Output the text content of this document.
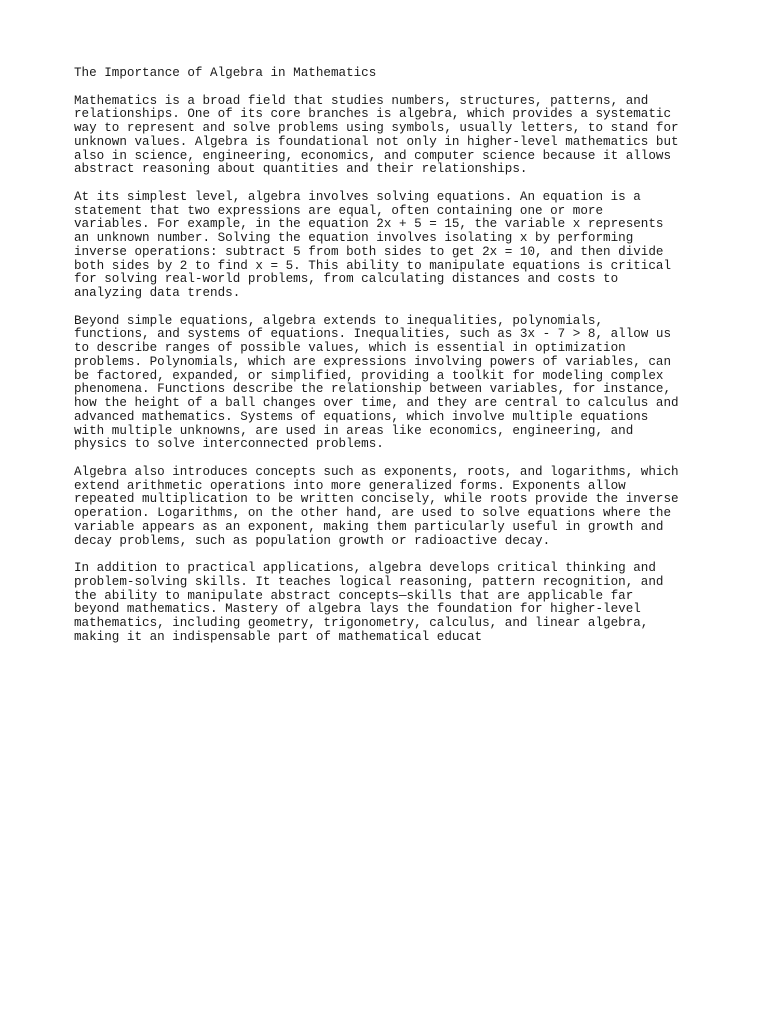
The Importance of Algebra in Mathematics
Mathematics is a broad field that studies numbers, structures, patterns, and
relationships. One of its core branches is algebra, which provides a systematic
way to represent and solve problems using symbols, usually letters, to stand for
unknown values. Algebra is foundational not only in higher-level mathematics but
also in science, engineering, economics, and computer science because it allows
abstract reasoning about quantities and their relationships.
At its simplest level, algebra involves solving equations. An equation is a
statement that two expressions are equal, often containing one or more
variables. For example, in the equation 2x + 5 = 15, the variable x represents
an unknown number. Solving the equation involves isolating x by performing
inverse operations: subtract 5 from both sides to get 2x = 10, and then divide
both sides by 2 to find x = 5. This ability to manipulate equations is critical
for solving real-world problems, from calculating distances and costs to
analyzing data trends.
Beyond simple equations, algebra extends to inequalities, polynomials,
functions, and systems of equations. Inequalities, such as 3x - 7 > 8, allow us
to describe ranges of possible values, which is essential in optimization
problems. Polynomials, which are expressions involving powers of variables, can
be factored, expanded, or simplified, providing a toolkit for modeling complex
phenomena. Functions describe the relationship between variables, for instance,
how the height of a ball changes over time, and they are central to calculus and
advanced mathematics. Systems of equations, which involve multiple equations
with multiple unknowns, are used in areas like economics, engineering, and
physics to solve interconnected problems.
Algebra also introduces concepts such as exponents, roots, and logarithms, which
extend arithmetic operations into more generalized forms. Exponents allow
repeated multiplication to be written concisely, while roots provide the inverse
operation. Logarithms, on the other hand, are used to solve equations where the
variable appears as an exponent, making them particularly useful in growth and
decay problems, such as population growth or radioactive decay.
In addition to practical applications, algebra develops critical thinking and
problem-solving skills. It teaches logical reasoning, pattern recognition, and
the ability to manipulate abstract concepts—skills that are applicable far
beyond mathematics. Mastery of algebra lays the foundation for higher-level
mathematics, including geometry, trigonometry, calculus, and linear algebra,
making it an indispensable part of mathematical educat
